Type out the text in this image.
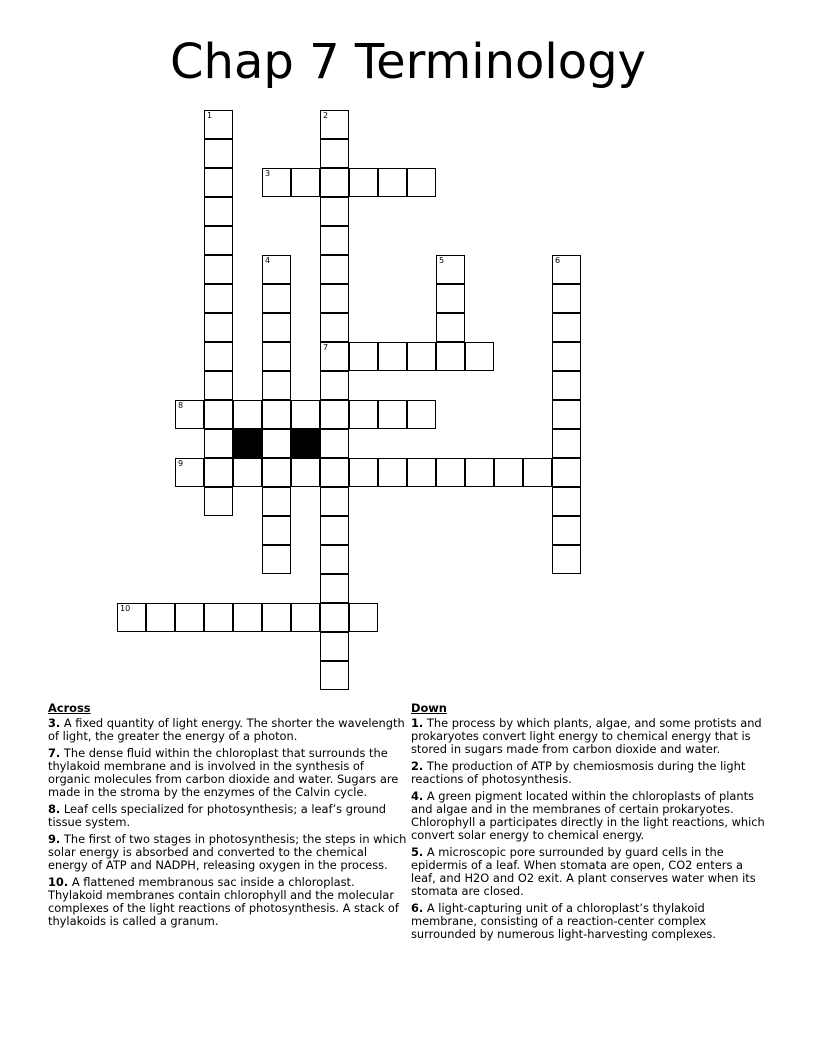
Chap 7 Terminology
1	2
7
4	5	6
3
8
9
10
Across
3. A fixed quantity of light energy. The shorter the wavelength of light, the greater the energy of a photon.
7. The dense fluid within the chloroplast that surrounds the thylakoid membrane and is involved in the synthesis of organic molecules from carbon dioxide and water. Sugars are made in the stroma by the enzymes of the Calvin cycle.
8. Leaf cells specialized for photosynthesis; a leaf’s ground tissue system.
9. The first of two stages in photosynthesis; the steps in which solar energy is absorbed and converted to the chemical energy of ATP and NADPH, releasing oxygen in the process.
10. A flattened membranous sac inside a chloroplast. Thylakoid membranes contain chlorophyll and the molecular complexes of the light reactions of photosynthesis. A stack of thylakoids is called a granum.
Down
1. The process by which plants, algae, and some protists and prokaryotes convert light energy to chemical energy that is stored in sugars made from carbon dioxide and water.
2. The production of ATP by chemiosmosis during the light reactions of photosynthesis.
4. A green pigment located within the chloroplasts of plants and algae and in the membranes of certain prokaryotes. Chlorophyll a participates directly in the light reactions, which convert solar energy to chemical energy.
5. A microscopic pore surrounded by guard cells in the epidermis of a leaf. When stomata are open, CO2 enters a leaf, and H2O and O2 exit. A plant conserves water when its stomata are closed.
6. A light-capturing unit of a chloroplast’s thylakoid membrane, consisting of a reaction-center complex surrounded by numerous light-harvesting complexes.
